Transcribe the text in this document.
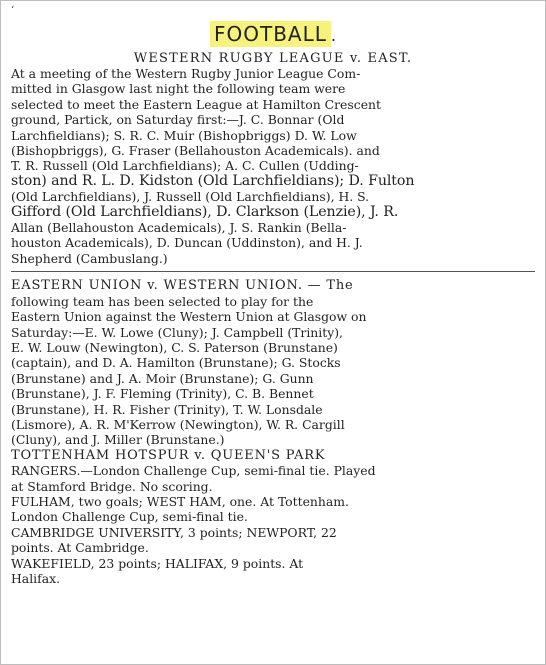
‘
FOOTBALL .
WESTERN RUGBY LEAGUE v. EAST.
At a meeting of the Western Rugby Junior League Com-
mitted in Glasgow last night the following team were
selected to meet the Eastern League at Hamilton Crescent
ground, Partick, on Saturday first:—J. C. Bonnar (Old
Larchfieldians); S. R. C. Muir (Bishopbriggs) D. W. Low
(Bishopbriggs), G. Fraser (Bellahouston Academicals). and
T. R. Russell (Old Larchfieldians); A. C. Cullen (Udding-
ston) and R. L. D. Kidston (Old Larchfieldians); D. Fulton
(Old Larchfieldians), J. Russell (Old Larchfieldians), H. S.
Gifford (Old Larchfieldians), D. Clarkson (Lenzie), J. R.
Allan (Bellahouston Academicals), J. S. Rankin (Bella-
houston Academicals), D. Duncan (Uddinston), and H. J.
Shepherd (Cambuslang.)
EASTERN UNION v. WESTERN UNION. — The
following team has been selected to play for the
Eastern Union against the Western Union at Glasgow on
Saturday:—E. W. Lowe (Cluny); J. Campbell (Trinity),
E. W. Louw (Newington), C. S. Paterson (Brunstane)
(captain), and D. A. Hamilton (Brunstane); G. Stocks
(Brunstane) and J. A. Moir (Brunstane); G. Gunn
(Brunstane), J. F. Fleming (Trinity), C. B. Bennet
(Brunstane), H. R. Fisher (Trinity), T. W. Lonsdale
(Lismore), A. R. M'Kerrow (Newington), W. R. Cargill
(Cluny), and J. Miller (Brunstane.)
TOTTENHAM HOTSPUR v. QUEEN'S PARK
RANGERS.—London Challenge Cup, semi-final tie. Played
at Stamford Bridge. No scoring.
FULHAM, two goals; WEST HAM, one. At Tottenham.
London Challenge Cup, semi-final tie.
CAMBRIDGE UNIVERSITY, 3 points; NEWPORT, 22
points. At Cambridge.
WAKEFIELD, 23 points; HALIFAX, 9 points. At
Halifax.
